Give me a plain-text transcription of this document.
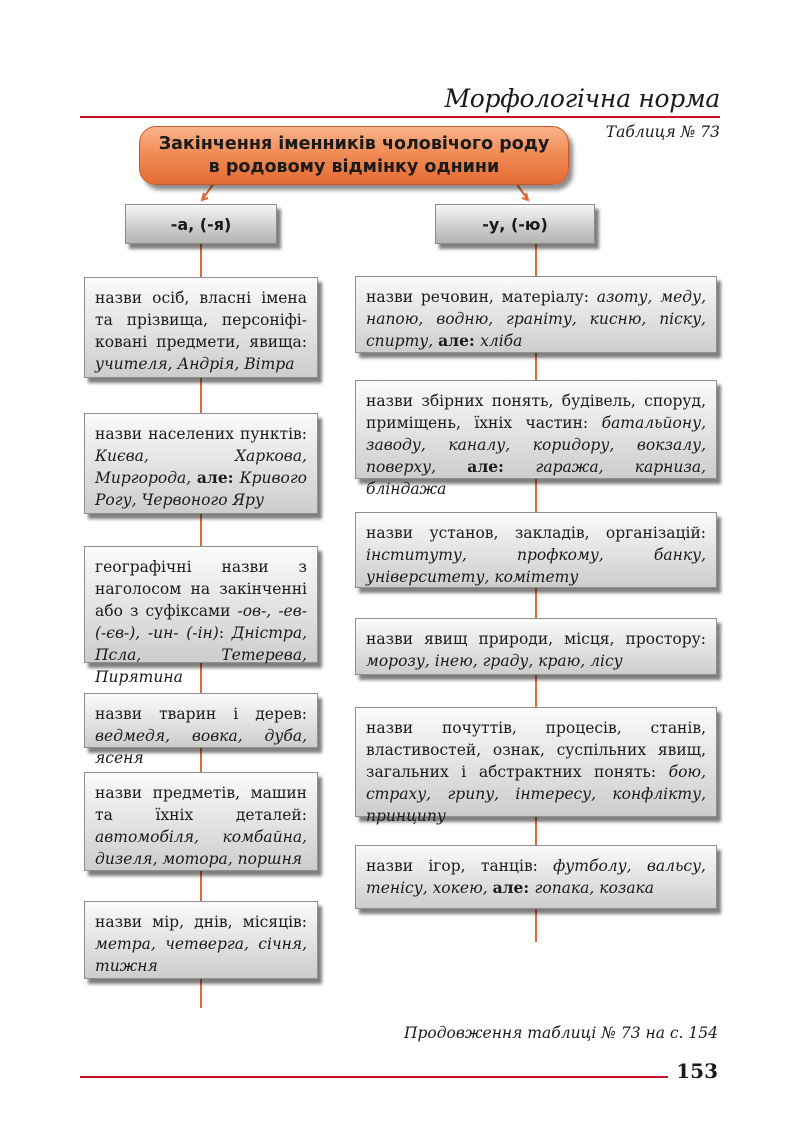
Морфологічна норма
Таблиця № 73
Закінчення іменників чоловічого роду
в родовому відмінку однини
-а, (-я)	-у, (-ю)
назви осіб, власні імена та прізвища, персоніфіковані предмети, явища: учителя, Андрія, Вітра
назви населених пунктів: Києва, Харкова, Миргорода, але: Кривого Рогу, Червоного Яру
географічні назви з наголосом на закінченні або з суфіксами -ов-, -ев- (-єв-), -ин- (-ін): Дністра, Псла, Тетерева, Пирятина
назви тварин і дерев: ведмедя, вовка, дуба, ясеня
назви предметів, машин та їхніх деталей: автомобіля, комбайна, дизеля, мотора, поршня
назви мір, днів, місяців: метра, четверга, січня, тижня
назви речовин, матеріалу: азоту, меду, напою, водню, граніту, кисню, піску, спирту, але: хліба
назви збірних понять, будівель, споруд, приміщень, їхніх частин: батальйону, заводу, каналу, коридору, вокзалу, поверху, але: гаража, карниза, бліндажа
назви установ, закладів, організацій: інституту, профкому, банку, університету, комітету
назви явищ природи, місця, простору: морозу, інею, граду, краю, лісу
назви почуттів, процесів, станів, властивостей, ознак, суспільних явищ, загальних і абстрактних понять: бою, страху, грипу, інтересу, конфлікту, принципу
назви ігор, танців: футболу, вальсу, тенісу, хокею, але: гопака, козака
Продовження таблиці № 73 на с. 154
153
